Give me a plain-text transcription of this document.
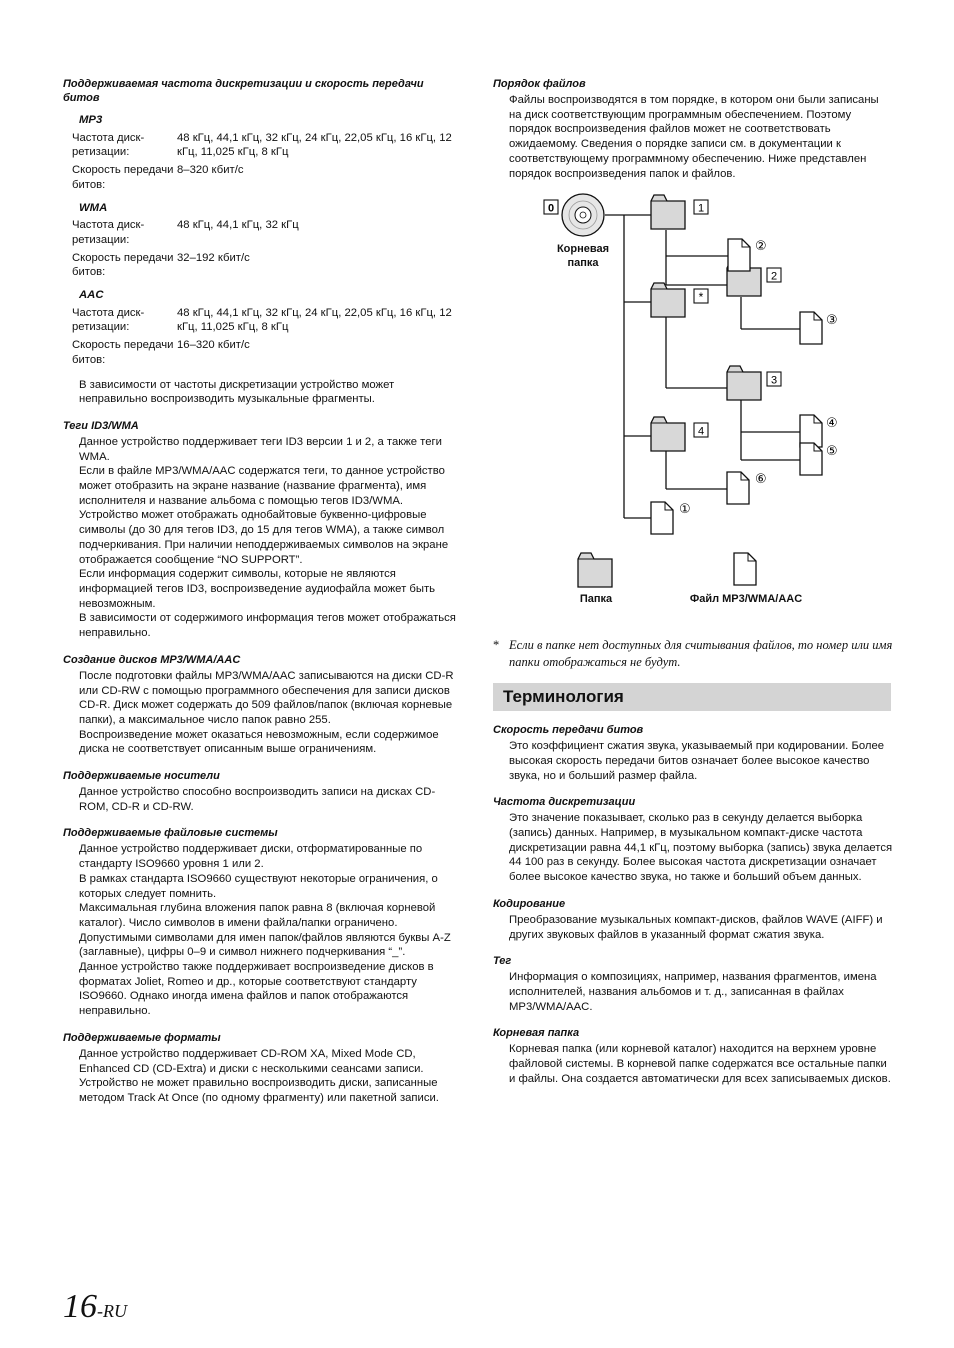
Поддерживаемая частота дискретизации и скорость передачи битов
MP3
Частота диск-ретизации:
48 кГц, 44,1 кГц, 32 кГц, 24 кГц, 22,05 кГц, 16 кГц, 12 кГц, 11,025 кГц, 8 кГц
Скорость передачи битов:
8–320 кбит/с
WMA
Частота диск-ретизации:
48 кГц, 44,1 кГц, 32 кГц
Скорость передачи битов:
32–192 кбит/с
AAC
Частота диск-ретизации:
48 кГц, 44,1 кГц, 32 кГц, 24 кГц, 22,05 кГц, 16 кГц, 12 кГц, 11,025 кГц, 8 кГц
Скорость передачи битов:
16–320 кбит/с
В зависимости от частоты дискретизации устройство может неправильно воспроизводить музыкальные фрагменты.
Теги ID3/WMA

Данное устройство поддерживает теги ID3 версии 1 и 2, а также теги WMA.

Если в файле MP3/WMA/AAC содержатся теги, то данное устройство может отобразить на экране название (название фрагмента), имя исполнителя и название альбома с помощью тегов ID3/WMA.

Устройство может отображать однобайтовые буквенно-цифровые символы (до 30 для тегов ID3, до 15 для тегов WMA), а также символ подчеркивания. При наличии неподдерживаемых символов на экране отображается сообщение “NO SUPPORT”.

Если информация содержит символы, которые не являются информацией тегов ID3, воспроизведение аудиофайла может быть невозможным.

В зависимости от содержимого информация тегов может отображаться неправильно.

Создание дисков MP3/WMA/AAC

После подготовки файлы MP3/WMA/AAC записываются на диски CD-R или CD-RW с помощью программного обеспечения для записи дисков CD-R. Диск может содержать до 509 файлов/папок (включая корневые папки), а максимальное число папок равно 255.

Воспроизведение может оказаться невозможным, если содержимое диска не соответствует описанным выше ограничениям.

Поддерживаемые носители

Данное устройство способно воспроизводить записи на дисках CD-ROM, CD-R и CD-RW.

Поддерживаемые файловые системы

Данное устройство поддерживает диски, отформатированные по стандарту ISO9660 уровня 1 или 2.

В рамках стандарта ISO9660 существуют некоторые ограничения, о которых следует помнить.

Максимальная глубина вложения папок равна 8 (включая корневой каталог). Число символов в имени файла/папки ограничено. Допустимыми символами для имен папок/файлов являются буквы A-Z (заглавные), цифры 0–9 и символ нижнего подчеркивания “_”.

Данное устройство также поддерживает воспроизведение дисков в форматах Joliet, Romeo и др., которые соответствуют стандарту ISO9660. Однако иногда имена файлов и папок отображаются неправильно.

Поддерживаемые форматы

Данное устройство поддерживает CD-ROM XA, Mixed Mode CD, Enhanced CD (CD-Extra) и диски с несколькими сеансами записи.

Устройство не может правильно воспроизводить диски, записанные методом Track At Once (по одному фрагменту) или пакетной записи.

Порядок файлов

Файлы воспроизводятся в том порядке, в котором они были записаны на диск соответствующим программным обеспечением. Поэтому порядок воспроизведения файлов может не соответствовать ожидаемому. Сведения о порядке записи см. в документации к соответствующему программному обеспечению. Ниже представлен порядок воспроизведения папок и файлов.

0	1
2
*
3
4
②
③
④
⑤
⑥
①
Корневая папка
Папка	Файл MP3/WMA/AAC
* Если в папке нет доступных для считывания файлов, то номер или имя папки отображаться не будут.
Терминология
Скорость передачи битов

Это коэффициент сжатия звука, указываемый при кодировании. Более высокая скорость передачи битов означает более высокое качество звука, но и больший размер файла.

Частота дискретизации

Это значение показывает, сколько раз в секунду делается выборка (запись) данных. Например, в музыкальном компакт-диске частота дискретизации равна 44,1 кГц, поэтому выборка (запись) звука делается 44 100 раз в секунду. Более высокая частота дискретизации означает более высокое качество звука, но также и больший объем данных.

Кодирование

Преобразование музыкальных компакт-дисков, файлов WAVE (AIFF) и других звуковых файлов в указанный формат сжатия звука.

Тег

Информация о композициях, например, названия фрагментов, имена исполнителей, названия альбомов и т. д., записанная в файлах MP3/WMA/AAC.

Корневая папка

Корневая папка (или корневой каталог) находится на верхнем уровне файловой системы. В корневой папке содержатся все остальные папки и файлы. Она создается автоматически для всех записываемых дисков.

16-RU
